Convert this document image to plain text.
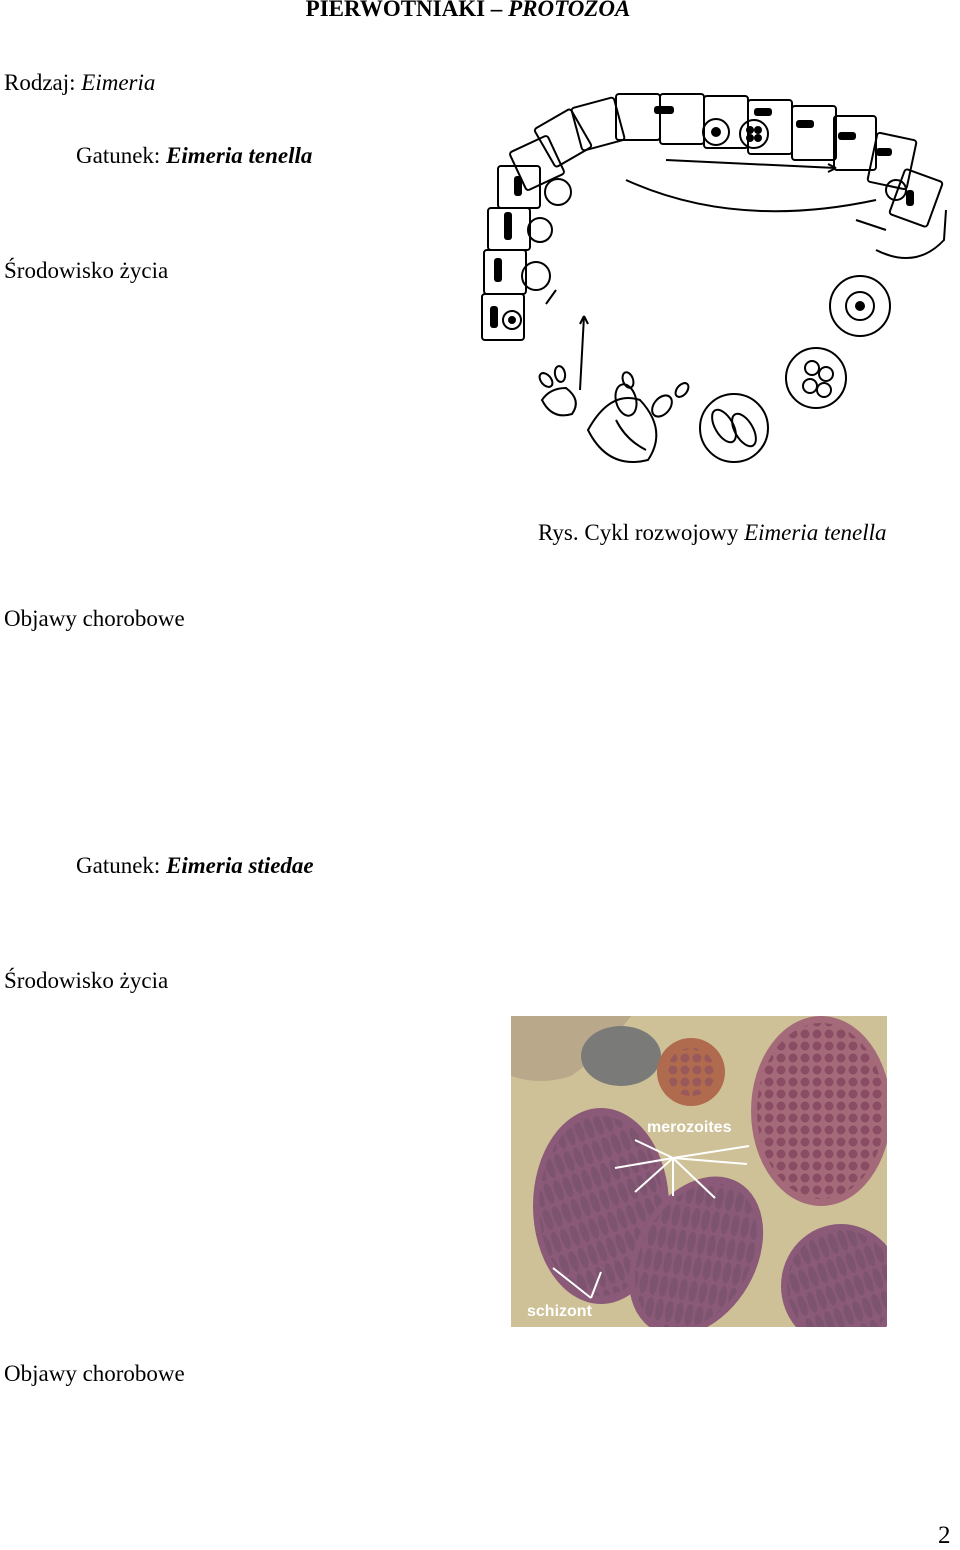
PIERWOTNIAKI – PROTOZOA
Rodzaj: Eimeria
Gatunek: Eimeria tenella
Środowisko życia
Rys. Cykl rozwojowy Eimeria tenella
Objawy chorobowe
Gatunek: Eimeria stiedae
Środowisko życia
merozoites
schizont
Objawy chorobowe
2
